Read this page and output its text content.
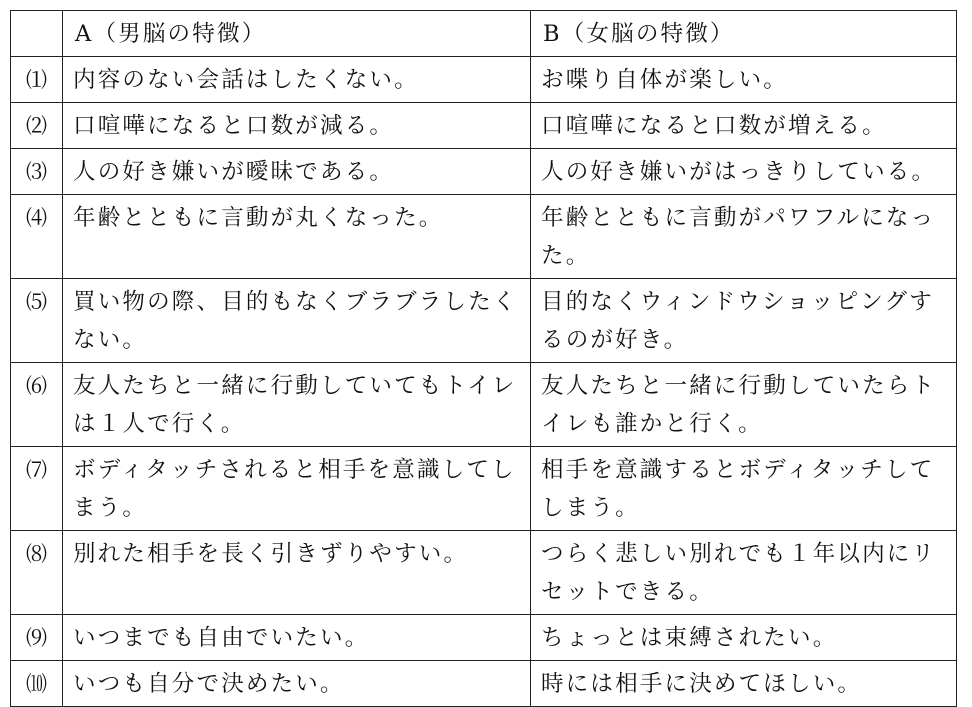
	A（男脳の特徴）	B（女脳の特徴）
⑴	内容のない会話はしたくない。	お喋り自体が楽しい。
⑵	口喧嘩になると口数が減る。	口喧嘩になると口数が増える。
⑶	人の好き嫌いが曖昧である。	人の好き嫌いがはっきりしている。
⑷	年齢とともに言動が丸くなった。	年齢とともに言動がパワフルになった。
⑸	買い物の際、目的もなくブラブラしたくない。	目的なくウィンドウショッピングするのが好き。
⑹	友人たちと一緒に行動していてもトイレは１人で行く。	友人たちと一緒に行動していたらトイレも誰かと行く。
⑺	ボディタッチされると相手を意識してしまう。	相手を意識するとボディタッチしてしまう。
⑻	別れた相手を長く引きずりやすい。	つらく悲しい別れでも１年以内にリセットできる。
⑼	いつまでも自由でいたい。	ちょっとは束縛されたい。
⑽	いつも自分で決めたい。	時には相手に決めてほしい。
